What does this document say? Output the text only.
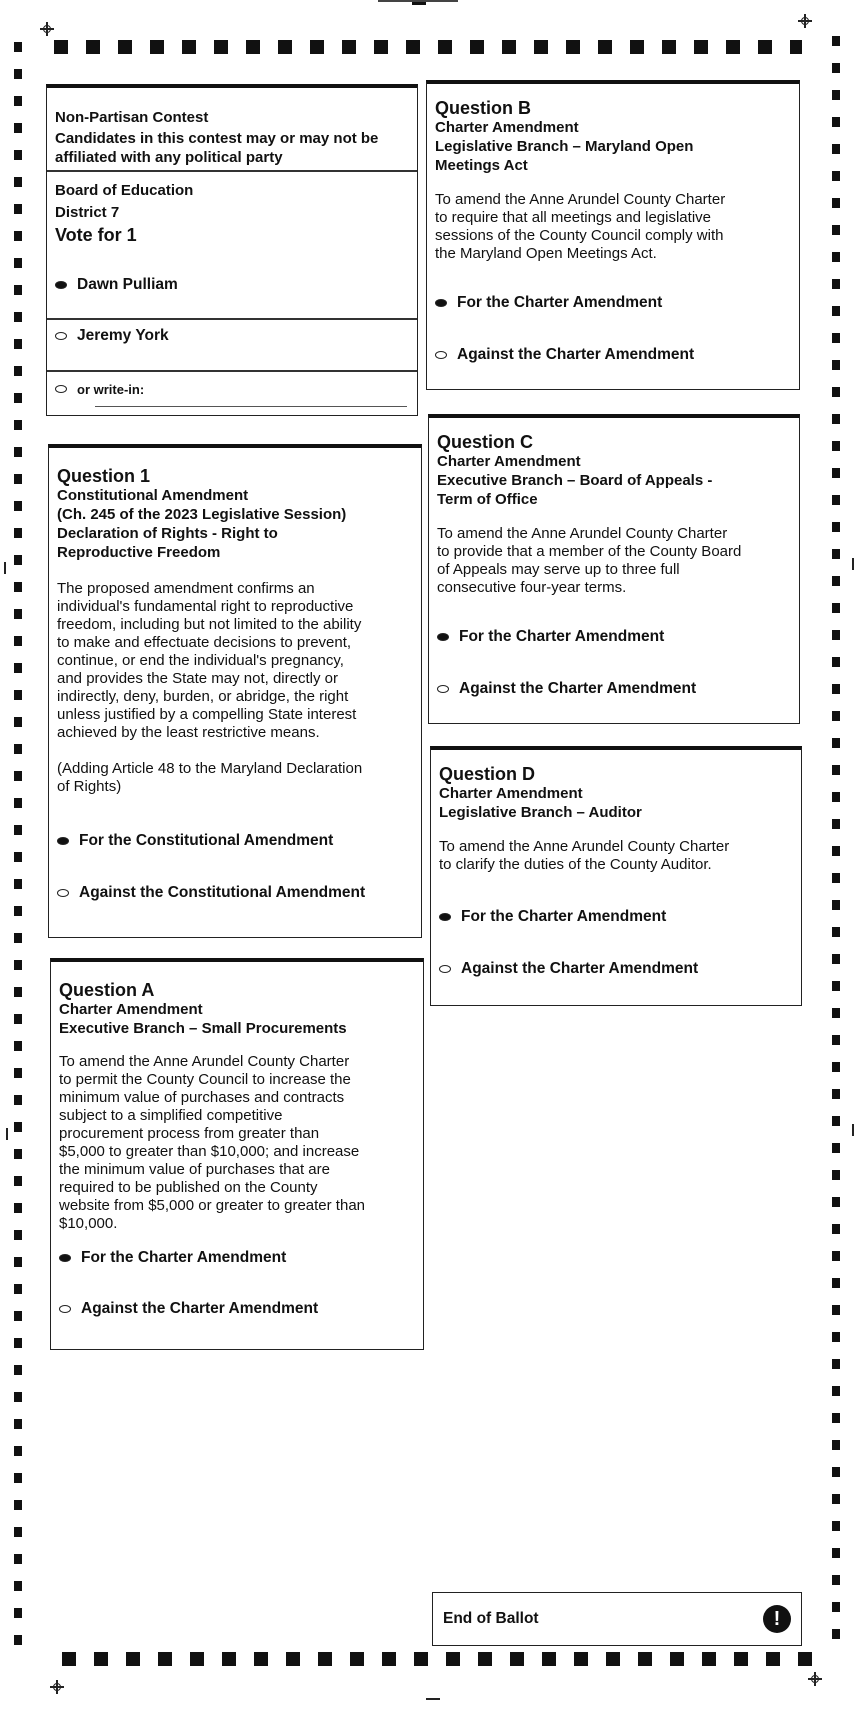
Non-Partisan Contest
Candidates in this contest may or may not be
affiliated with any political party
Board of Education
District 7
Vote for 1
Dawn Pulliam
Jeremy York
or write-in:
Question 1
Constitutional Amendment
(Ch. 245 of the 2023 Legislative Session)
Declaration of Rights - Right to
Reproductive Freedom

The proposed amendment confirms an

individual's fundamental right to reproductive

freedom, including but not limited to the ability

to make and effectuate decisions to prevent,

continue, or end the individual's pregnancy,

and provides the State may not, directly or

indirectly, deny, burden, or abridge, the right

unless justified by a compelling State interest

achieved by the least restrictive means.

(Adding Article 48 to the Maryland Declaration

of Rights)

For the Constitutional Amendment
Against the Constitutional Amendment
Question A
Charter Amendment
Executive Branch – Small Procurements

To amend the Anne Arundel County Charter

to permit the County Council to increase the

minimum value of purchases and contracts

subject to a simplified competitive

procurement process from greater than

$5,000 to greater than $10,000; and increase

the minimum value of purchases that are

required to be published on the County

website from $5,000 or greater to greater than

$10,000.

For the Charter Amendment
Against the Charter Amendment
Question B
Charter Amendment
Legislative Branch – Maryland Open
Meetings Act

To amend the Anne Arundel County Charter

to require that all meetings and legislative

sessions of the County Council comply with

the Maryland Open Meetings Act.

For the Charter Amendment
Against the Charter Amendment
Question C
Charter Amendment
Executive Branch – Board of Appeals -
Term of Office

To amend the Anne Arundel County Charter

to provide that a member of the County Board

of Appeals may serve up to three full

consecutive four-year terms.

For the Charter Amendment
Against the Charter Amendment
Question D
Charter Amendment
Legislative Branch – Auditor

To amend the Anne Arundel County Charter

to clarify the duties of the County Auditor.

For the Charter Amendment
Against the Charter Amendment
End of Ballot	!
